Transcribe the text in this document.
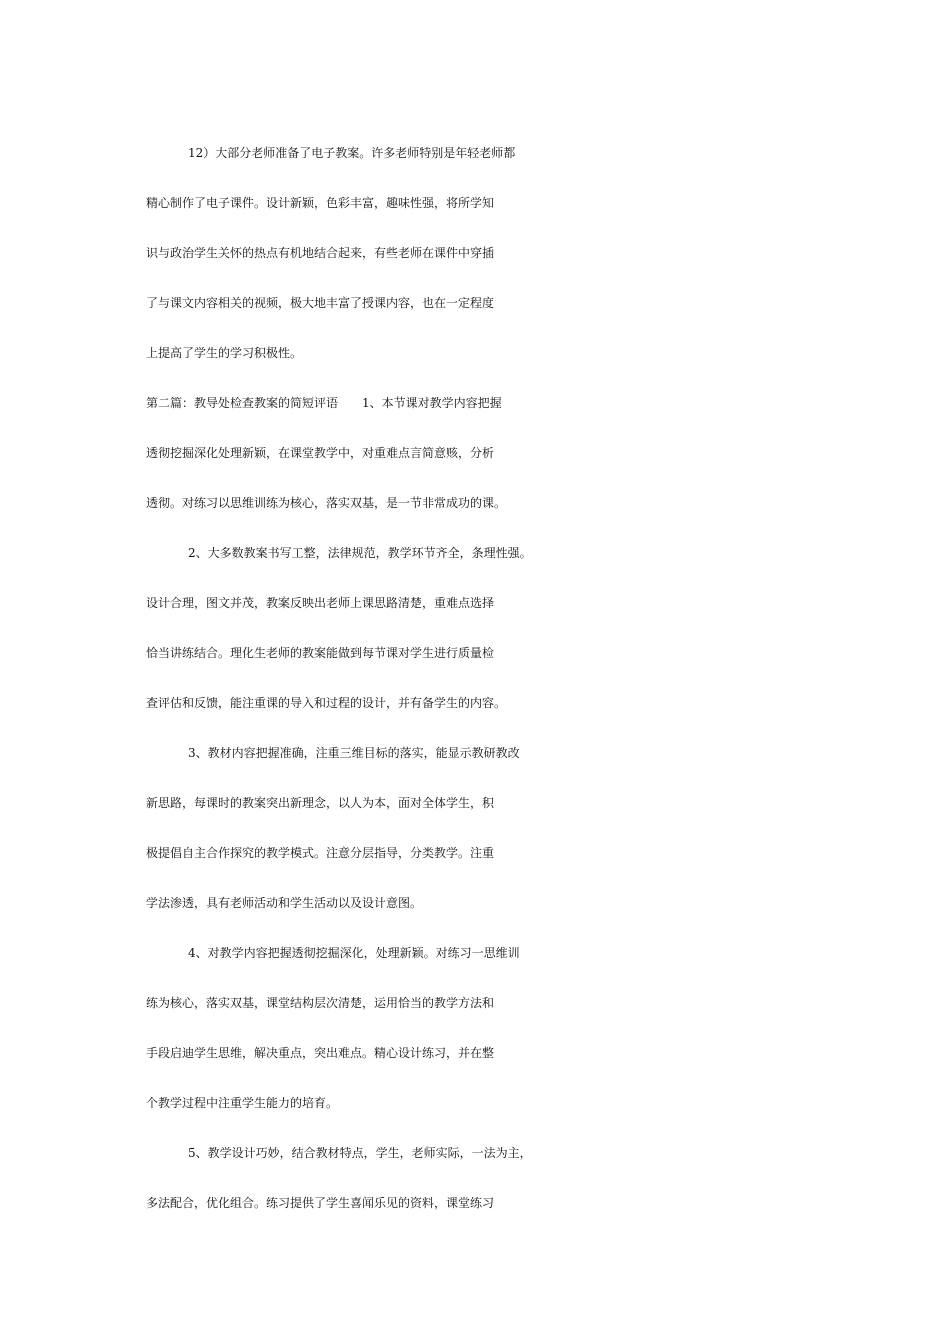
12）大部分老师准备了电子教案。许多老师特别是年轻老师都
精心制作了电子课件。设计新颖，色彩丰富，趣味性强，将所学知
识与政治学生关怀的热点有机地结合起来，有些老师在课件中穿插
了与课文内容相关的视频，极大地丰富了授课内容，也在一定程度
上提高了学生的学习积极性。
第二篇：教导处检查教案的简短评语　　1、本节课对教学内容把握
透彻挖掘深化处理新颖，在课堂教学中，对重难点言简意赅，分析
透彻。对练习以思维训练为核心，落实双基，是一节非常成功的课。
2、大多数教案书写工整，法律规范，教学环节齐全，条理性强。
设计合理，图文并茂，教案反映出老师上课思路清楚，重难点选择
恰当讲练结合。理化生老师的教案能做到每节课对学生进行质量检
查评估和反馈，能注重课的导入和过程的设计，并有备学生的内容。
3、教材内容把握准确，注重三维目标的落实，能显示教研教改
新思路，每课时的教案突出新理念，以人为本，面对全体学生，积
极提倡自主合作探究的教学模式。注意分层指导，分类教学。注重
学法渗透，具有老师活动和学生活动以及设计意图。
4、对教学内容把握透彻挖掘深化，处理新颖。对练习一思维训
练为核心，落实双基，课堂结构层次清楚，运用恰当的教学方法和
手段启迪学生思维，解决重点，突出难点。精心设计练习，并在整
个教学过程中注重学生能力的培育。
5、教学设计巧妙，结合教材特点，学生，老师实际，一法为主，
多法配合，优化组合。练习提供了学生喜闻乐见的资料，课堂练习
